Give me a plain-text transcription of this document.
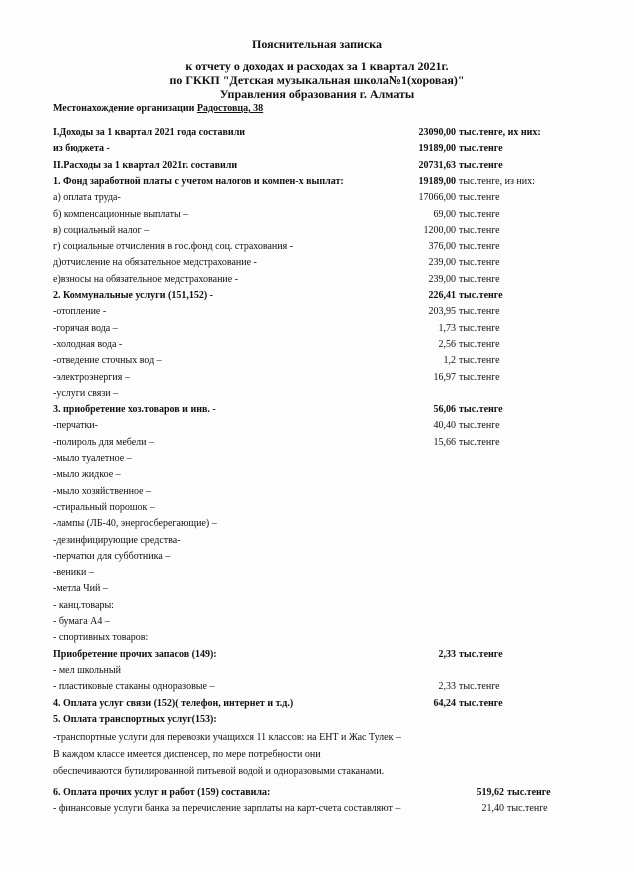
Пояснительная записка
к отчету о доходах и расходах за 1 квартал 2021г.
по ГККП "Детская музыкальная школа№1(хоровая)"
Управления образования г. Алматы
Местонахождение организации Радостовца, 38
I.Доходы за 1 квартал 2021 года составили	23090,00 тыс.тенге, их них:
из бюджета -	19189,00 тыс.тенге
II.Расходы за 1 квартал 2021г. составили	20731,63 тыс.тенге
1. Фонд заработной платы с учетом налогов и компен-х выплат:	19189,00 тыс.тенге, из них:
а) оплата труда-	17066,00 тыс.тенге
б) компенсационные выплаты –	69,00 тыс.тенге
в) социальный налог –	1200,00 тыс.тенге
г) социальные отчисления в гос.фонд соц. страхования -	376,00 тыс.тенге
д)отчисление на обязательное медстрахование -	239,00 тыс.тенге
е)взносы на обязательное медстрахование -	239,00 тыс.тенге
2. Коммунальные услуги (151,152) -	226,41 тыс.тенге
-отопление -	203,95 тыс.тенге
-горячая вода –	1,73 тыс.тенге
-холодная вода -	2,56 тыс.тенге
-отведение сточных вод –	1,2 тыс.тенге
-электроэнергия –	16,97 тыс.тенге
-услуги связи –
3. приобретение хоз.товаров и инв. -	56,06 тыс.тенге
-перчатки-	40,40 тыс.тенге
-полироль для мебели –	15,66 тыс.тенге
-мыло туалетное –
-мыло жидкое –
-мыло хозяйственное –
-стиральный порошок –
-лампы (ЛБ-40, энергосберегающие) –
-дезинфицирующие средства-
-перчатки для субботника –
-веники –
-метла Чий –
- канц.товары:
- бумага А4 –
- спортивных товаров:
Приобретение прочих запасов (149):	2,33 тыс.тенге
- мел школьный
- пластиковые стаканы одноразовые –	2,33 тыс.тенге
4. Оплата услуг связи (152)( телефон, интернет и т.д.)	64,24 тыс.тенге
5. Оплата транспортных услуг(153):
-транспортные услуги для перевозки учащихся 11 классов: на ЕНТ и Жас Тулек –
В каждом классе имеется диспенсер, по мере потребности они
обеспечиваются бутилированной питьевой водой и одноразовыми стаканами.
6. Оплата прочих услуг и работ (159) составила:	519,62 тыс.тенге
- финансовые услуги банка за перечисление зарплаты на карт-счета составляют –	21,40 тыс.тенге
